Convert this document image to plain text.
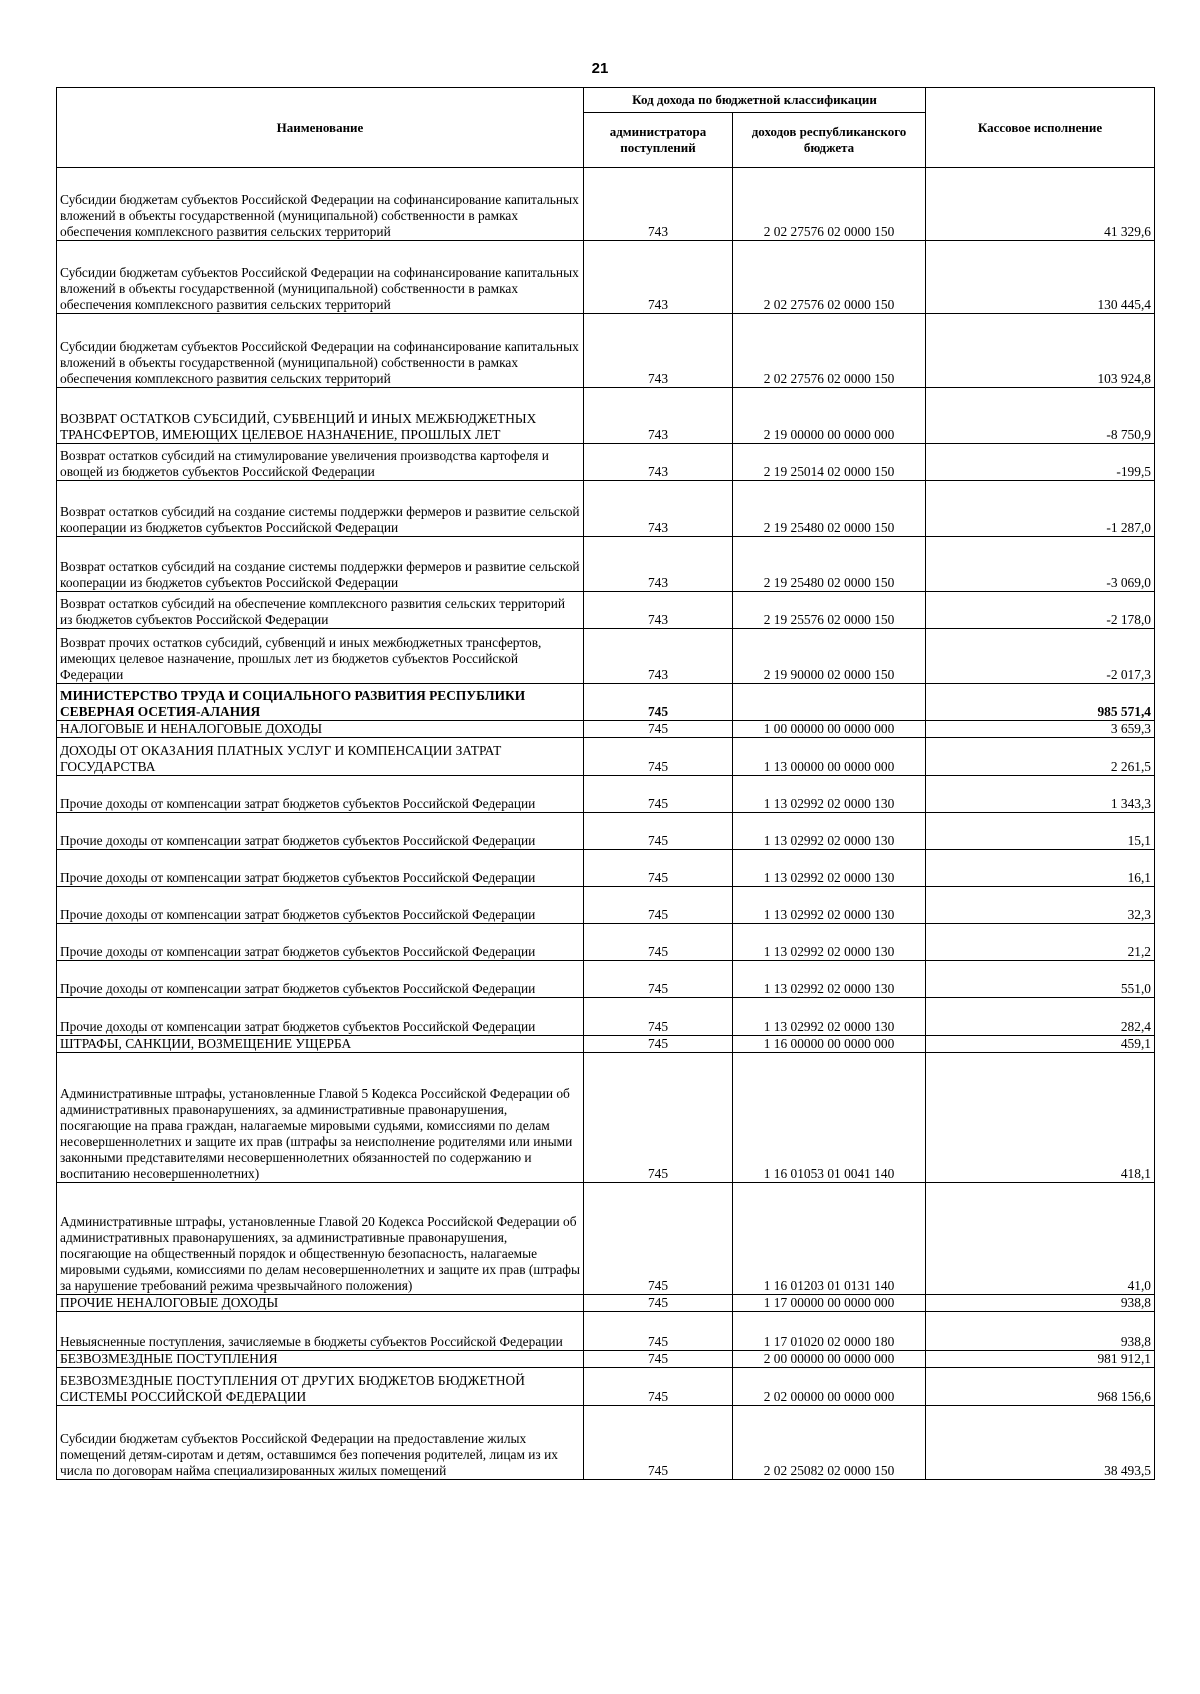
21
Наименование	Код дохода по бюджетной классификации		Кассовое исполнение
	администратора поступлений	доходов республиканского бюджета	
Субсидии бюджетам субъектов Российской Федерации на софинансирование капитальных вложений в объекты государственной (муниципальной) собственности в рамках обеспечения комплексного развития сельских территорий	743	2 02 27576 02 0000 150	41 329,6
Субсидии бюджетам субъектов Российской Федерации на софинансирование капитальных вложений в объекты государственной (муниципальной) собственности в рамках обеспечения комплексного развития сельских территорий	743	2 02 27576 02 0000 150	130 445,4
Субсидии бюджетам субъектов Российской Федерации на софинансирование капитальных вложений в объекты государственной (муниципальной) собственности в рамках обеспечения комплексного развития сельских территорий	743	2 02 27576 02 0000 150	103 924,8
ВОЗВРАТ ОСТАТКОВ СУБСИДИЙ, СУБВЕНЦИЙ И ИНЫХ МЕЖБЮДЖЕТНЫХ ТРАНСФЕРТОВ, ИМЕЮЩИХ ЦЕЛЕВОЕ НАЗНАЧЕНИЕ, ПРОШЛЫХ ЛЕТ	743	2 19 00000 00 0000 000	-8 750,9
Возврат остатков субсидий на стимулирование увеличения производства картофеля и овощей из бюджетов субъектов Российской Федерации	743	2 19 25014 02 0000 150	-199,5
Возврат остатков субсидий на создание системы поддержки фермеров и развитие сельской кооперации из бюджетов субъектов Российской Федерации	743	2 19 25480 02 0000 150	-1 287,0
Возврат остатков субсидий на создание системы поддержки фермеров и развитие сельской кооперации из бюджетов субъектов Российской Федерации	743	2 19 25480 02 0000 150	-3 069,0
Возврат остатков субсидий на обеспечение комплексного развития сельских территорий из бюджетов субъектов Российской Федерации	743	2 19 25576 02 0000 150	-2 178,0
Возврат прочих остатков субсидий, субвенций и иных межбюджетных трансфертов, имеющих целевое назначение, прошлых лет из бюджетов субъектов Российской Федерации	743	2 19 90000 02 0000 150	-2 017,3
МИНИСТЕРСТВО ТРУДА И СОЦИАЛЬНОГО РАЗВИТИЯ РЕСПУБЛИКИ СЕВЕРНАЯ ОСЕТИЯ-АЛАНИЯ	745		985 571,4
НАЛОГОВЫЕ И НЕНАЛОГОВЫЕ ДОХОДЫ	745	1 00 00000 00 0000 000	3 659,3
ДОХОДЫ ОТ ОКАЗАНИЯ ПЛАТНЫХ УСЛУГ И КОМПЕНСАЦИИ ЗАТРАТ ГОСУДАРСТВА	745	1 13 00000 00 0000 000	2 261,5
Прочие доходы от компенсации затрат бюджетов субъектов Российской Федерации	745	1 13 02992 02 0000 130	1 343,3
Прочие доходы от компенсации затрат бюджетов субъектов Российской Федерации	745	1 13 02992 02 0000 130	15,1
Прочие доходы от компенсации затрат бюджетов субъектов Российской Федерации	745	1 13 02992 02 0000 130	16,1
Прочие доходы от компенсации затрат бюджетов субъектов Российской Федерации	745	1 13 02992 02 0000 130	32,3
Прочие доходы от компенсации затрат бюджетов субъектов Российской Федерации	745	1 13 02992 02 0000 130	21,2
Прочие доходы от компенсации затрат бюджетов субъектов Российской Федерации	745	1 13 02992 02 0000 130	551,0
Прочие доходы от компенсации затрат бюджетов субъектов Российской Федерации	745	1 13 02992 02 0000 130	282,4
ШТРАФЫ, САНКЦИИ, ВОЗМЕЩЕНИЕ УЩЕРБА	745	1 16 00000 00 0000 000	459,1
Административные штрафы, установленные Главой 5 Кодекса Российской Федерации об административных правонарушениях, за административные правонарушения, посягающие на права граждан, налагаемые мировыми судьями, комиссиями по делам несовершеннолетних и защите их прав (штрафы за неисполнение родителями или иными законными представителями несовершеннолетних обязанностей по содержанию и воспитанию несовершеннолетних)	745	1 16 01053 01 0041 140	418,1
Административные штрафы, установленные Главой 20 Кодекса Российской Федерации об административных правонарушениях, за административные правонарушения, посягающие на общественный порядок и общественную безопасность, налагаемые мировыми судьями, комиссиями по делам несовершеннолетних и защите их прав (штрафы за нарушение требований режима чрезвычайного положения)	745	1 16 01203 01 0131 140	41,0
ПРОЧИЕ НЕНАЛОГОВЫЕ ДОХОДЫ	745	1 17 00000 00 0000 000	938,8
Невыясненные поступления, зачисляемые в бюджеты субъектов Российской Федерации	745	1 17 01020 02 0000 180	938,8
БЕЗВОЗМЕЗДНЫЕ ПОСТУПЛЕНИЯ	745	2 00 00000 00 0000 000	981 912,1
БЕЗВОЗМЕЗДНЫЕ ПОСТУПЛЕНИЯ ОТ ДРУГИХ БЮДЖЕТОВ БЮДЖЕТНОЙ СИСТЕМЫ РОССИЙСКОЙ ФЕДЕРАЦИИ	745	2 02 00000 00 0000 000	968 156,6
Субсидии бюджетам субъектов Российской Федерации на предоставление жилых помещений детям-сиротам и детям, оставшимся без попечения родителей, лицам из их числа по договорам найма специализированных жилых помещений	745	2 02 25082 02 0000 150	38 493,5
